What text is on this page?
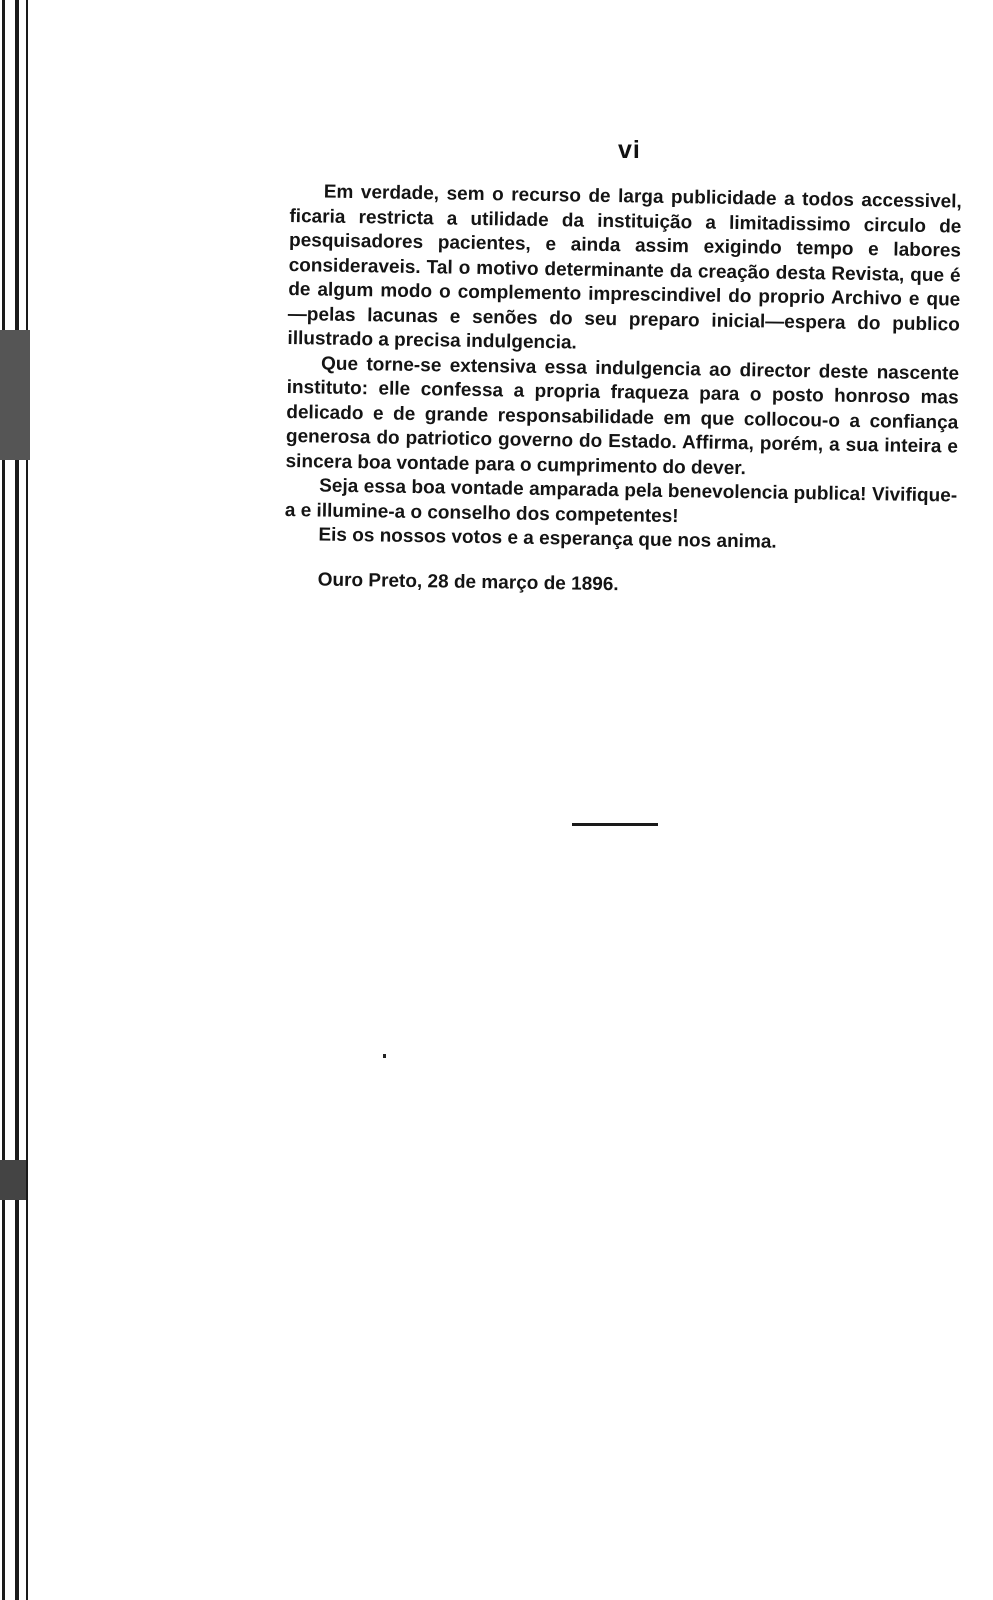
vi

Em verdade, sem o recurso de larga publicidade a todos accessivel, ficaria restricta a utilidade da instituição a limitadissimo circulo de pesquisadores pacientes, e ainda assim exigindo tempo e labores consideraveis. Tal o motivo determinante da creação desta Revista, que é de algum modo o complemento imprescindivel do proprio Archivo e que—pelas lacunas e senões do seu preparo inicial—espera do publico illustrado a precisa indulgencia.

Que torne-se extensiva essa indulgencia ao director deste nascente instituto: elle confessa a propria fraqueza para o posto honroso mas delicado e de grande responsabilidade em que collocou-o a confiança generosa do patriotico governo do Estado. Affirma, porém, a sua inteira e sincera boa vontade para o cumprimento do dever.

Seja essa boa vontade amparada pela benevolencia publica! Vivifique-a e illumine-a o conselho dos competentes!

Eis os nossos votos e a esperança que nos anima.

Ouro Preto, 28 de março de 1896.
